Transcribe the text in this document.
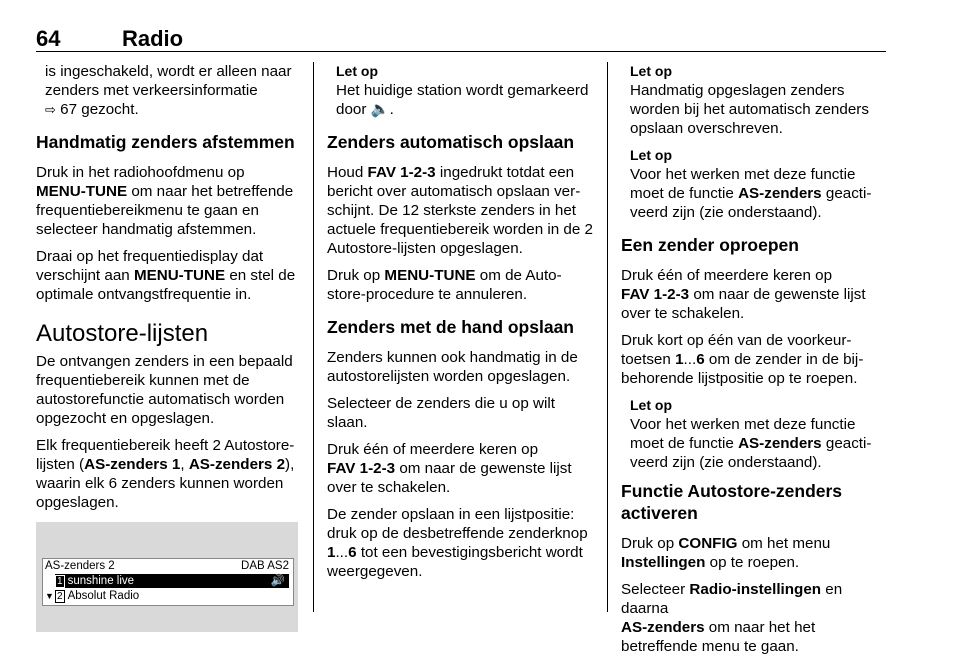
64	Radio

is ingeschakeld, wordt er alleen naar zenders met verkeersinformatie
⇨ 67 gezocht.

Handmatig zenders afstemmen

Druk in het radiohoofdmenu op MENU-TUNE om naar het betreffende frequentiebereikmenu te gaan en selecteer handmatig afstemmen.

Draai op het frequentiedisplay dat verschijnt aan MENU-TUNE en stel de optimale ontvangstfrequentie in.

Autostore-lijsten

De ontvangen zenders in een bepaald frequentiebereik kunnen met de autostorefunctie automatisch worden opgezocht en opgeslagen.

Elk frequentiebereik heeft 2 Autostore-lijsten (AS-zenders 1, AS-zenders 2), waarin elk 6 zenders kunnen worden opgeslagen.

AS-zenders 2	DAB AS2
1 sunshine live	🔊
▼ 2 Absolut Radio

Let op
Het huidige station wordt gemarkeerd door 🔈.

Zenders automatisch opslaan

Houd FAV 1-2-3 ingedrukt totdat een bericht over automatisch opslaan verschijnt. De 12 sterkste zenders in het actuele frequentiebereik worden in de 2 Autostore-lijsten opgeslagen.

Druk op MENU-TUNE om de Autostore-procedure te annuleren.

Zenders met de hand opslaan

Zenders kunnen ook handmatig in de autostorelijsten worden opgeslagen.

Selecteer de zenders die u op wilt slaan.

Druk één of meerdere keren op
FAV 1-2-3 om naar de gewenste lijst over te schakelen.

De zender opslaan in een lijstpositie: druk op de desbetreffende zenderknop 1...6 tot een bevestigingsbericht wordt weergegeven.

Let op
Handmatig opgeslagen zenders worden bij het automatisch zenders opslaan overschreven.

Let op
Voor het werken met deze functie moet de functie AS-zenders geactiveerd zijn (zie onderstaand).

Een zender oproepen

Druk één of meerdere keren op
FAV 1-2-3 om naar de gewenste lijst over te schakelen.

Druk kort op één van de voorkeurtoetsen 1...6 om de zender in de bijbehorende lijstpositie op te roepen.

Let op
Voor het werken met deze functie moet de functie AS-zenders geactiveerd zijn (zie onderstaand).

Functie Autostore-zenders activeren

Druk op CONFIG om het menu
Instellingen op te roepen.

Selecteer Radio-instellingen en daarna
AS-zenders om naar het het betreffende menu te gaan.
